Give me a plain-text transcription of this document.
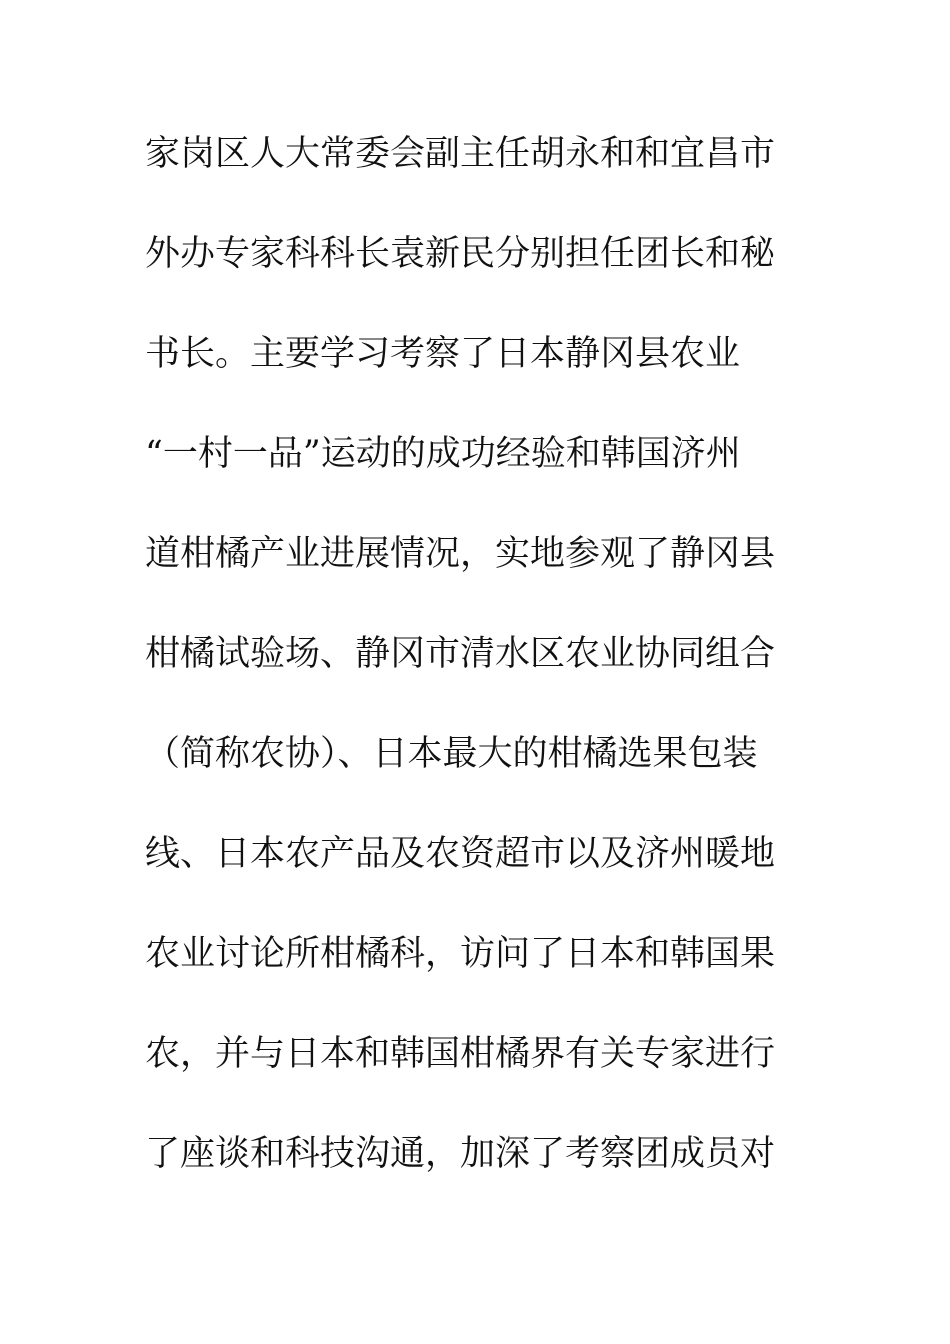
家岗区人大常委会副主任胡永和和宜昌市
外办专家科科长袁新民分别担任团长和秘
书长。主要学习考察了日本静冈县农业
“一村一品”运动的成功经验和韩国济州
道柑橘产业进展情况，实地参观了静冈县
柑橘试验场、静冈市清水区农业协同组合
（简称农协）、日本最大的柑橘选果包装
线、日本农产品及农资超市以及济州暖地
农业讨论所柑橘科，访问了日本和韩国果
农，并与日本和韩国柑橘界有关专家进行
了座谈和科技沟通，加深了考察团成员对
